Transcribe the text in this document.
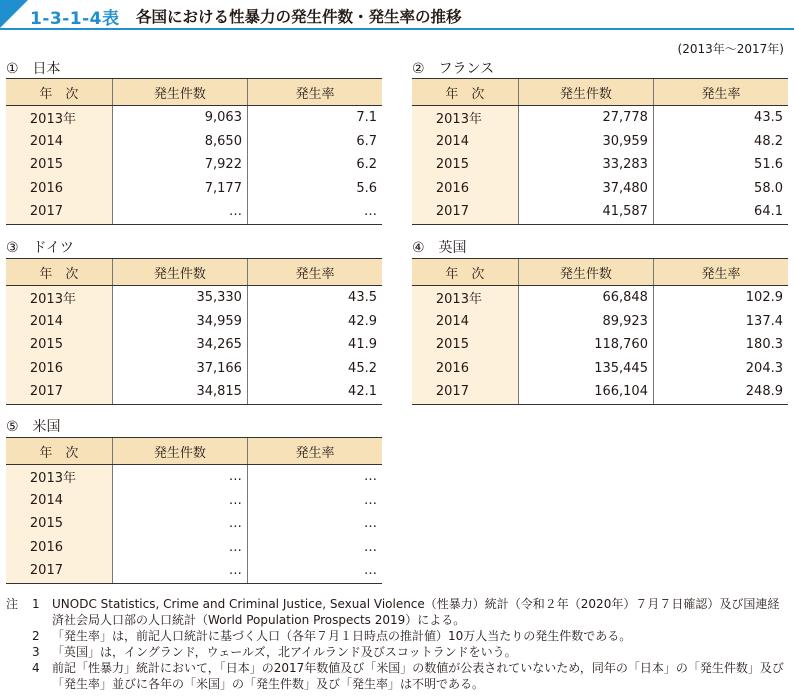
1-3-1-4表 各国における性暴力の発生件数・発生率の推移
(2013年～2017年)
①　日本
年　次	発生件数	発生率
2013年	9,063	7.1
2014	8,650	6.7
2015	7,922	6.2
2016	7,177	5.6
2017	…	…
②　フランス
年　次	発生件数	発生率
2013年	27,778	43.5
2014	30,959	48.2
2015	33,283	51.6
2016	37,480	58.0
2017	41,587	64.1
③　ドイツ
年　次	発生件数	発生率
2013年	35,330	43.5
2014	34,959	42.9
2015	34,265	41.9
2016	37,166	45.2
2017	34,815	42.1
④　英国
年　次	発生件数	発生率
2013年	66,848	102.9
2014	89,923	137.4
2015	118,760	180.3
2016	135,445	204.3
2017	166,104	248.9
⑤　米国
年　次	発生件数	発生率
2013年	…	…
2014	…	…
2015	…	…
2016	…	…
2017	…	…
注 1 UNODC Statistics, Crime and Criminal Justice, Sexual Violence（性暴力）統計（令和２年（2020年）７月７日確認）及び国連経済社会局人口部の人口統計（World Population Prospects 2019）による。
2 「発生率」は，前記人口統計に基づく人口（各年７月１日時点の推計値）10万人当たりの発生件数である。
3 「英国」は，イングランド，ウェールズ，北アイルランド及びスコットランドをいう。
4 前記「性暴力」統計において，「日本」の2017年数値及び「米国」の数値が公表されていないため，同年の「日本」の「発生件数」及び「発生率」並びに各年の「米国」の「発生件数」及び「発生率」は不明である。
